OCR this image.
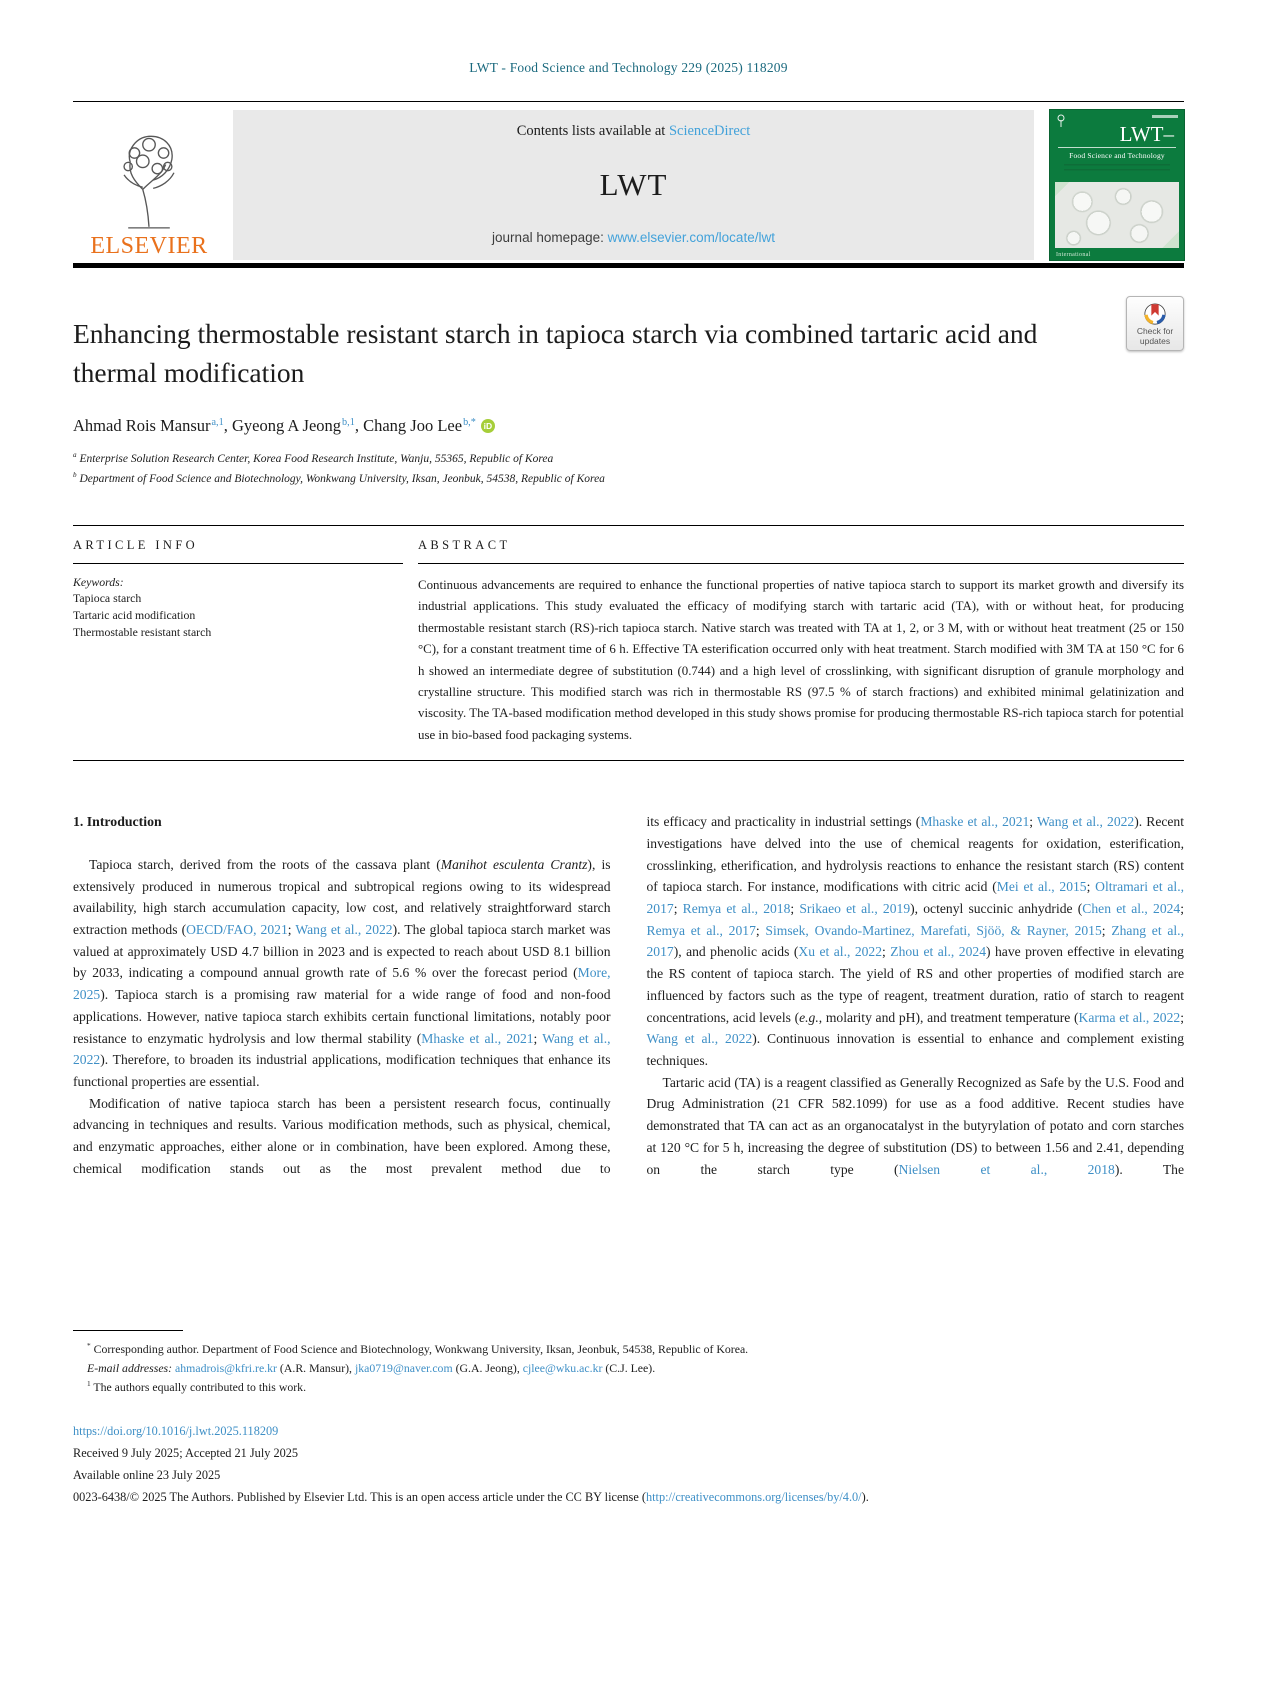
LWT - Food Science and Technology 229 (2025) 118209
ELSEVIER
Contents lists available at ScienceDirect
LWT
journal homepage: www.elsevier.com/locate/lwt
LWT–
Food Science and Technology
International
Enhancing thermostable resistant starch in tapioca starch via combined tartaric acid and thermal modification
Check for
updates
Ahmad Rois Mansur$^{a,1}$, Gyeong A Jeong$^{b,1}$, Chang Joo Lee$^{b,*}$ iD
$^a$ Enterprise Solution Research Center, Korea Food Research Institute, Wanju, 55365, Republic of Korea
$^b$ Department of Food Science and Biotechnology, Wonkwang University, Iksan, Jeonbuk, 54538, Republic of Korea
ARTICLE INFO
Keywords:
Tapioca starch
Tartaric acid modification
Thermostable resistant starch
ABSTRACT
Continuous advancements are required to enhance the functional properties of native tapioca starch to support its market growth and diversify its industrial applications. This study evaluated the efficacy of modifying starch with tartaric acid (TA), with or without heat, for producing thermostable resistant starch (RS)-rich tapioca starch. Native starch was treated with TA at 1, 2, or 3 M, with or without heat treatment (25 or 150 °C), for a constant treatment time of 6 h. Effective TA esterification occurred only with heat treatment. Starch modified with 3M TA at 150 °C for 6 h showed an intermediate degree of substitution (0.744) and a high level of crosslinking, with significant disruption of granule morphology and crystalline structure. This modified starch was rich in thermostable RS (97.5 % of starch fractions) and exhibited minimal gelatinization and viscosity. The TA-based modification method developed in this study shows promise for producing thermostable RS-rich tapioca starch for potential use in bio-based food packaging systems.
1. Introduction

Tapioca starch, derived from the roots of the cassava plant (Manihot esculenta Crantz), is extensively produced in numerous tropical and subtropical regions owing to its widespread availability, high starch accumulation capacity, low cost, and relatively straightforward starch extraction methods (OECD/FAO, 2021; Wang et al., 2022). The global tapioca starch market was valued at approximately USD 4.7 billion in 2023 and is expected to reach about USD 8.1 billion by 2033, indicating a compound annual growth rate of 5.6 % over the forecast period (More, 2025). Tapioca starch is a promising raw material for a wide range of food and non-food applications. However, native tapioca starch exhibits certain functional limitations, notably poor resistance to enzymatic hydrolysis and low thermal stability (Mhaske et al., 2021; Wang et al., 2022). Therefore, to broaden its industrial applications, modification techniques that enhance its functional properties are essential.

Modification of native tapioca starch has been a persistent research focus, continually advancing in techniques and results. Various modification methods, such as physical, chemical, and enzymatic approaches, either alone or in combination, have been explored. Among these, chemical modification stands out as the most prevalent method due to

its efficacy and practicality in industrial settings (Mhaske et al., 2021; Wang et al., 2022). Recent investigations have delved into the use of chemical reagents for oxidation, esterification, crosslinking, etherification, and hydrolysis reactions to enhance the resistant starch (RS) content of tapioca starch. For instance, modifications with citric acid (Mei et al., 2015; Oltramari et al., 2017; Remya et al., 2018; Srikaeo et al., 2019), octenyl succinic anhydride (Chen et al., 2024; Remya et al., 2017; Simsek, Ovando-Martinez, Marefati, Sjöö, & Rayner, 2015; Zhang et al., 2017), and phenolic acids (Xu et al., 2022; Zhou et al., 2024) have proven effective in elevating the RS content of tapioca starch. The yield of RS and other properties of modified starch are influenced by factors such as the type of reagent, treatment duration, ratio of starch to reagent concentrations, acid levels (e.g., molarity and pH), and treatment temperature (Karma et al., 2022; Wang et al., 2022). Continuous innovation is essential to enhance and complement existing techniques.

Tartaric acid (TA) is a reagent classified as Generally Recognized as Safe by the U.S. Food and Drug Administration (21 CFR 582.1099) for use as a food additive. Recent studies have demonstrated that TA can act as an organocatalyst in the butyrylation of potato and corn starches at 120 °C for 5 h, increasing the degree of substitution (DS) to between 1.56 and 2.41, depending on the starch type (Nielsen et al., 2018). The

* Corresponding author. Department of Food Science and Biotechnology, Wonkwang University, Iksan, Jeonbuk, 54538, Republic of Korea.
E-mail addresses: ahmadrois@kfri.re.kr (A.R. Mansur), jka0719@naver.com (G.A. Jeong), cjlee@wku.ac.kr (C.J. Lee).
$^1$ The authors equally contributed to this work.
https://doi.org/10.1016/j.lwt.2025.118209
Received 9 July 2025; Accepted 21 July 2025
Available online 23 July 2025
0023-6438/© 2025 The Authors. Published by Elsevier Ltd. This is an open access article under the CC BY license (http://creativecommons.org/licenses/by/4.0/).
